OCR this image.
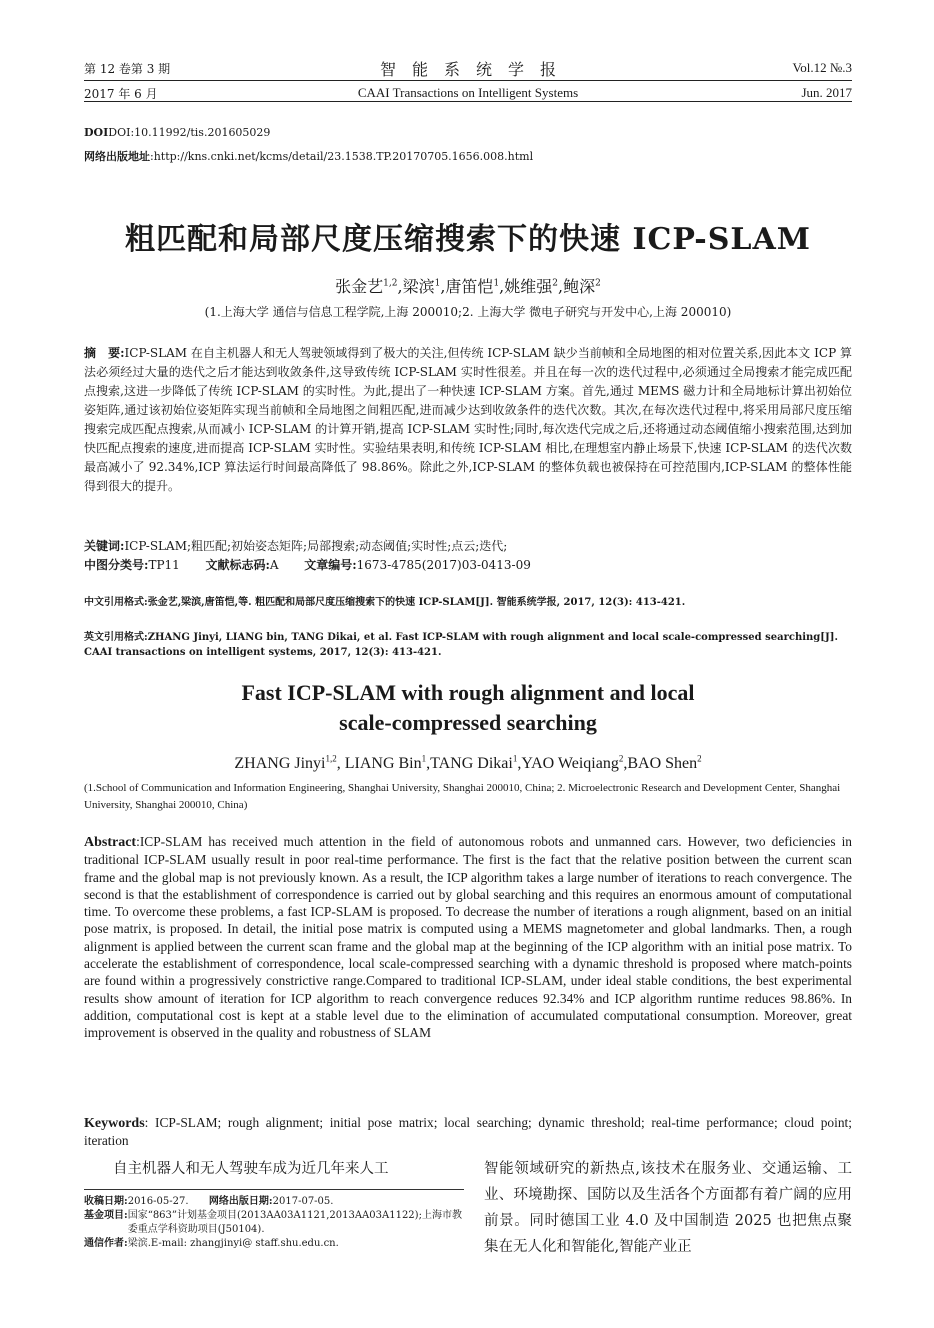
第 12 卷第 3 期
2017 年 6 月
智　能　系　统　学　报
CAAI Transactions on Intelligent Systems
Vol.12 №.3
Jun. 2017
DOIDOI:10.11992/tis.201605029
网络出版地址:http://kns.cnki.net/kcms/detail/23.1538.TP.20170705.1656.008.html
粗匹配和局部尺度压缩搜索下的快速 ICP-SLAM
张金艺$^{1,2}$,梁滨$^1$,唐笛恺$^1$,姚维强$^2$,鲍深$^2$
(1.上海大学 通信与信息工程学院,上海 200010;2. 上海大学 微电子研究与开发中心,上海 200010)
摘　要:ICP-SLAM 在自主机器人和无人驾驶领域得到了极大的关注,但传统 ICP-SLAM 缺少当前帧和全局地图的相对位置关系,因此本文 ICP 算法必须经过大量的迭代之后才能达到收敛条件,这导致传统 ICP-SLAM 实时性很差。并且在每一次的迭代过程中,必须通过全局搜索才能完成匹配点搜索,这进一步降低了传统 ICP-SLAM 的实时性。为此,提出了一种快速 ICP-SLAM 方案。首先,通过 MEMS 磁力计和全局地标计算出初始位姿矩阵,通过该初始位姿矩阵实现当前帧和全局地图之间粗匹配,进而减少达到收敛条件的迭代次数。其次,在每次迭代过程中,将采用局部尺度压缩搜索完成匹配点搜索,从而减小 ICP-SLAM 的计算开销,提高 ICP-SLAM 实时性;同时,每次迭代完成之后,还将通过动态阈值缩小搜索范围,达到加快匹配点搜索的速度,进而提高 ICP-SLAM 实时性。实验结果表明,和传统 ICP-SLAM 相比,在理想室内静止场景下,快速 ICP-SLAM 的迭代次数最高减小了 92.34%,ICP 算法运行时间最高降低了 98.86%。除此之外,ICP-SLAM 的整体负载也被保持在可控范围内,ICP-SLAM 的整体性能得到很大的提升。
关键词:ICP-SLAM;粗匹配;初始姿态矩阵;局部搜索;动态阈值;实时性;点云;迭代;
中图分类号:TP11 文献标志码:A 文章编号:1673-4785(2017)03-0413-09
中文引用格式:张金艺,梁滨,唐笛恺,等. 粗匹配和局部尺度压缩搜索下的快速 ICP-SLAM[J]. 智能系统学报, 2017, 12(3): 413-421.
英文引用格式:ZHANG Jinyi, LIANG bin, TANG Dikai, et al. Fast ICP-SLAM with rough alignment and local scale-compressed searching[J]. CAAI transactions on intelligent systems, 2017, 12(3): 413-421.
Fast ICP-SLAM with rough alignment and local
scale-compressed searching
ZHANG Jinyi$^{1,2}$, LIANG Bin$^1$,TANG Dikai$^1$,YAO Weiqiang$^2$,BAO Shen$^2$
(1.School of Communication and Information Engineering, Shanghai University, Shanghai 200010, China; 2. Microelectronic Research and Development Center, Shanghai University, Shanghai 200010, China)
Abstract:ICP-SLAM has received much attention in the field of autonomous robots and unmanned cars. However, two deficiencies in traditional ICP-SLAM usually result in poor real-time performance. The first is the fact that the relative position between the current scan frame and the global map is not previously known. As a result, the ICP algorithm takes a large number of iterations to reach convergence. The second is that the establishment of correspondence is carried out by global searching and this requires an enormous amount of computational time. To overcome these problems, a fast ICP-SLAM is proposed. To decrease the number of iterations a rough alignment, based on an initial pose matrix, is proposed. In detail, the initial pose matrix is computed using a MEMS magnetometer and global landmarks. Then, a rough alignment is applied between the current scan frame and the global map at the beginning of the ICP algorithm with an initial pose matrix. To accelerate the establishment of correspondence, local scale-compressed searching with a dynamic threshold is proposed where match-points are found within a progressively constrictive range.Compared to traditional ICP-SLAM, under ideal stable conditions, the best experimental results show amount of iteration for ICP algorithm to reach convergence reduces 92.34% and ICP algorithm runtime reduces 98.86%. In addition, computational cost is kept at a stable level due to the elimination of accumulated computational consumption. Moreover, great improvement is observed in the quality and robustness of SLAM
Keywords: ICP-SLAM; rough alignment; initial pose matrix; local searching; dynamic threshold; real-time performance; cloud point; iteration
自主机器人和无人驾驶车成为近几年来人工	智能领域研究的新热点,该技术在服务业、交通运输、工业、环境勘探、国防以及生活各个方面都有着广阔的应用前景。同时德国工业 4.0 及中国制造 2025 也把焦点聚集在无人化和智能化,智能产业正
收稿日期:2016-05-27. 网络出版日期:2017-07-05.
基金项目: 国家“863”计划基金项目(2013AA03A1121,2013AA03A1122);上海市教委重点学科资助项目(J50104).
通信作者:梁滨.E-mail: zhangjinyi@ staff.shu.edu.cn.
